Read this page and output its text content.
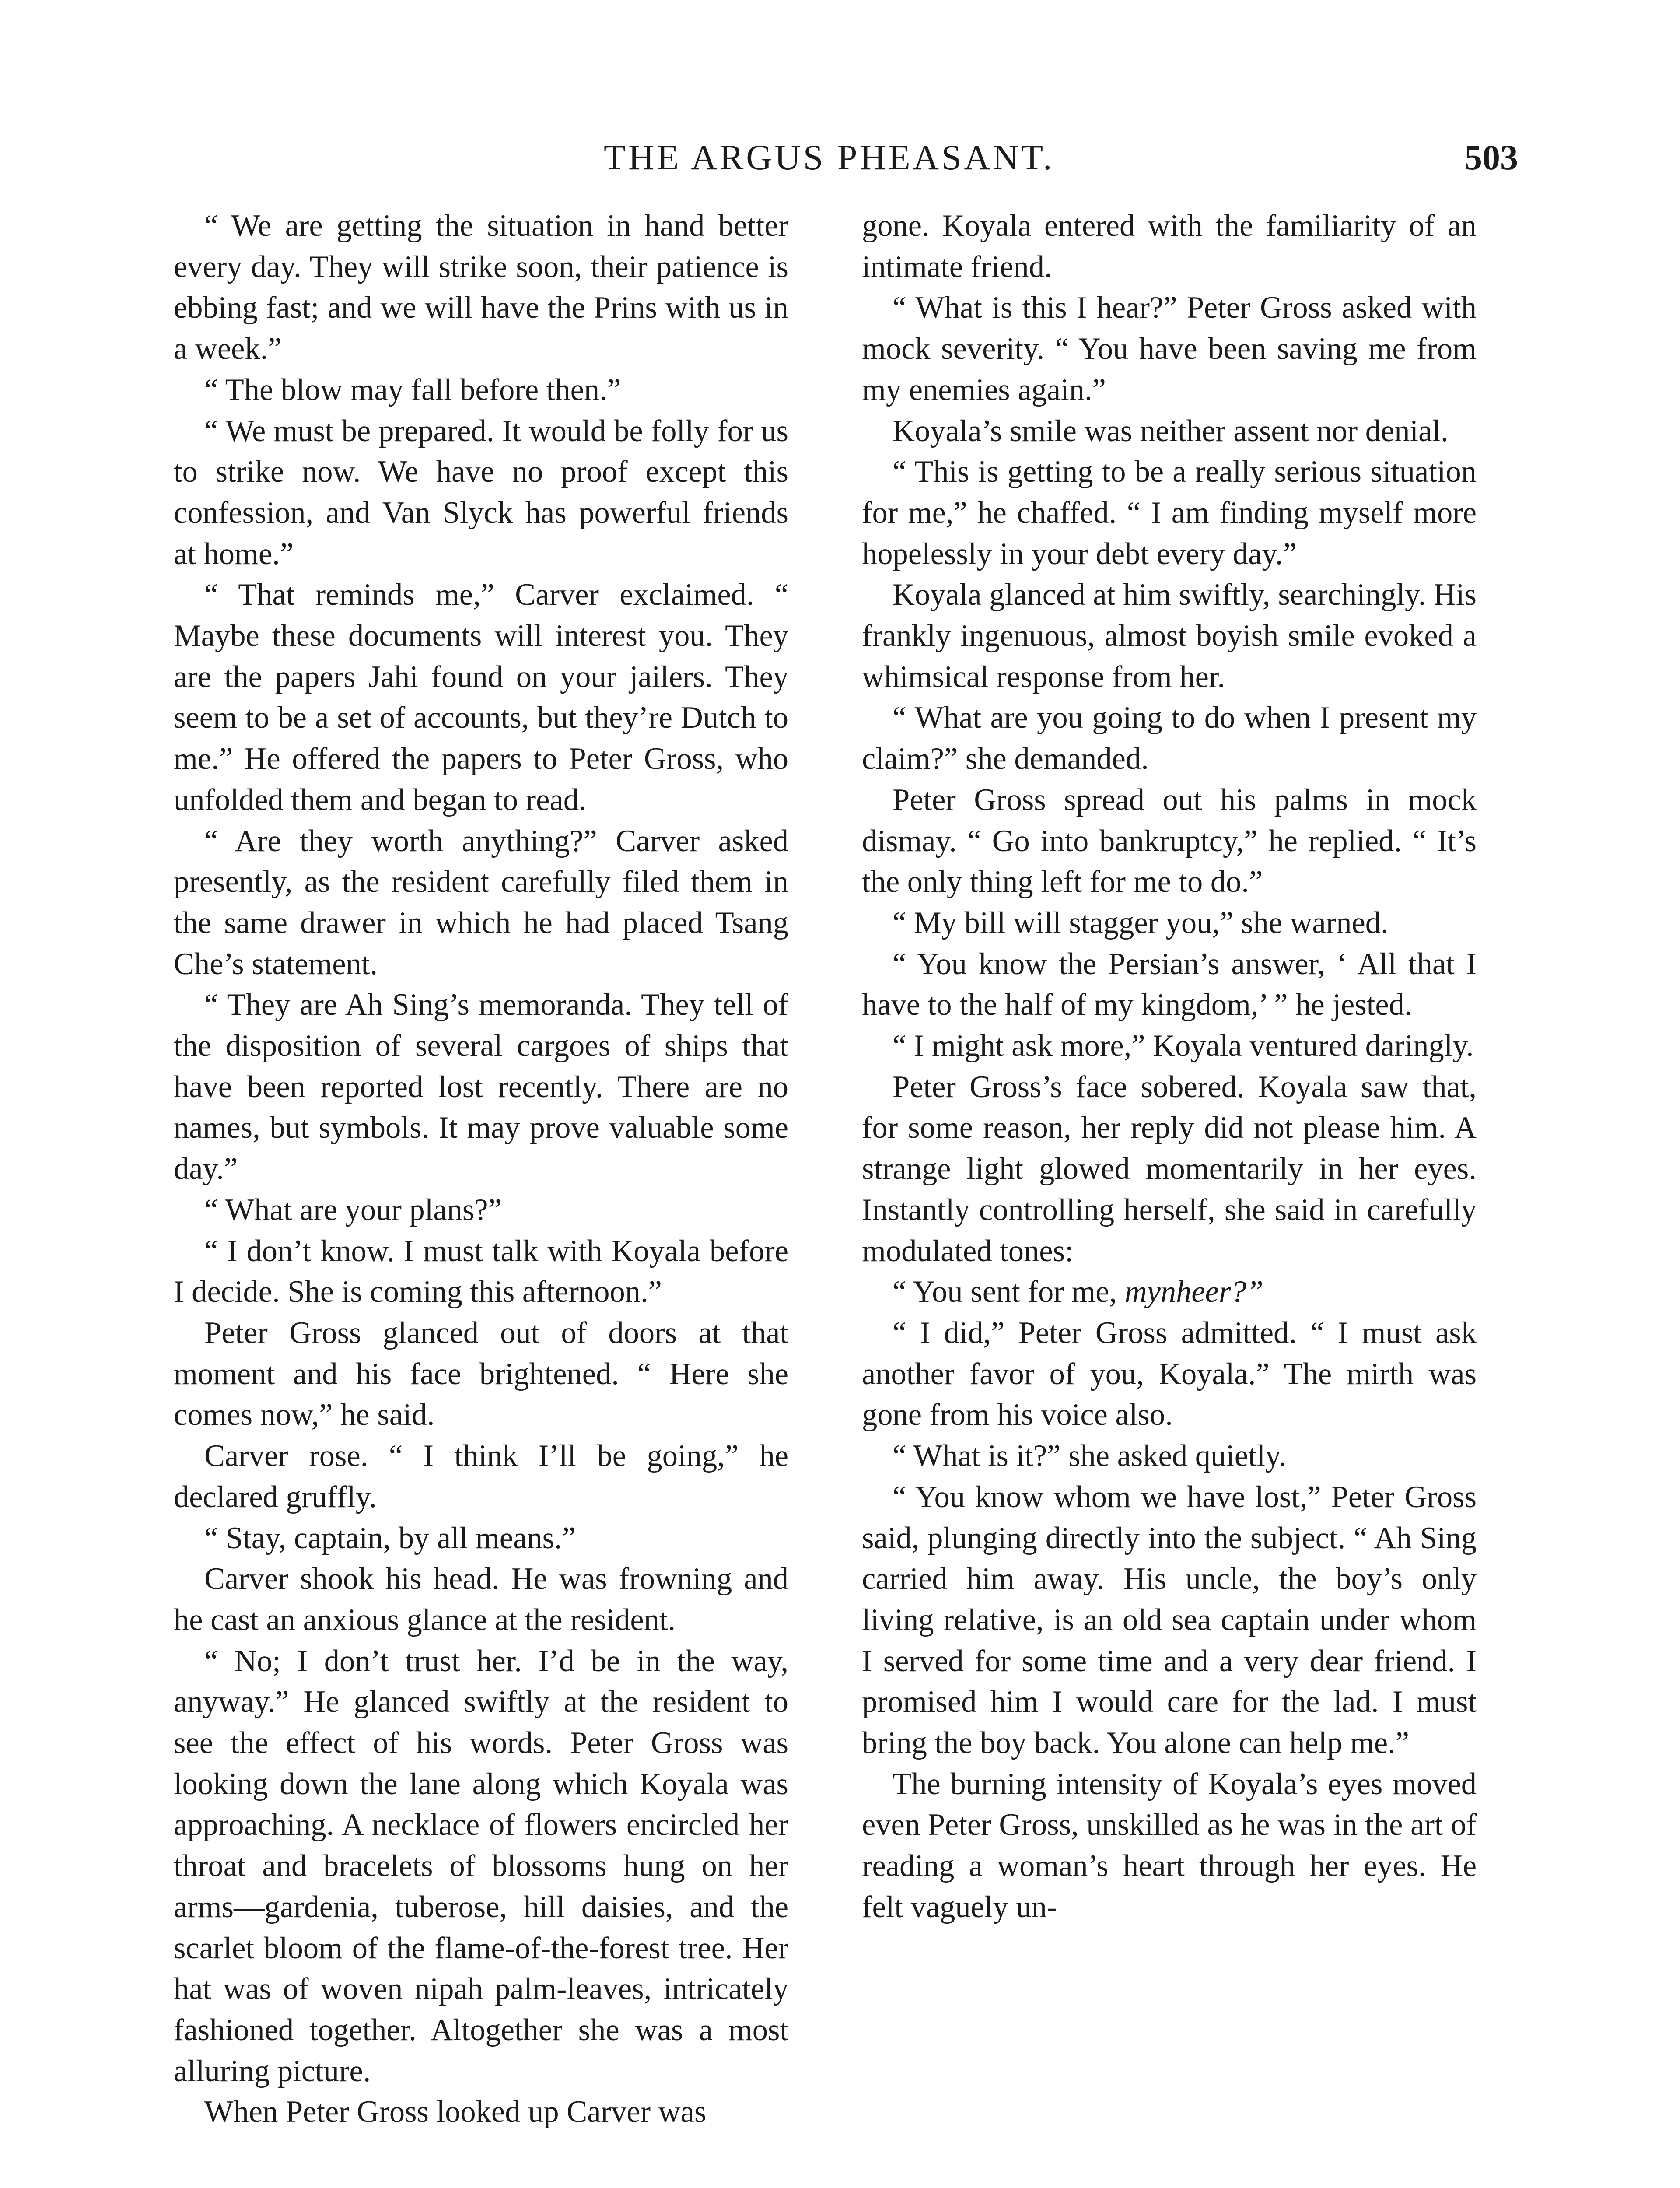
THE ARGUS PHEASANT.	503

“ We are getting the situation in hand better every day. They will strike soon, their patience is ebbing fast; and we will have the Prins with us in a week.”

“ The blow may fall before then.”

“ We must be prepared. It would be folly for us to strike now. We have no proof except this confession, and Van Slyck has powerful friends at home.”

“ That reminds me,” Carver exclaimed. “ Maybe these documents will interest you. They are the papers Jahi found on your jailers. They seem to be a set of accounts, but they’re Dutch to me.” He offered the papers to Peter Gross, who unfolded them and began to read.

“ Are they worth anything?” Carver asked presently, as the resident carefully filed them in the same drawer in which he had placed Tsang Che’s statement.

“ They are Ah Sing’s memoranda. They tell of the disposition of several cargoes of ships that have been reported lost recently. There are no names, but symbols. It may prove valuable some day.”

“ What are your plans?”

“ I don’t know. I must talk with Koyala before I decide. She is coming this afternoon.”

Peter Gross glanced out of doors at that moment and his face brightened. “ Here she comes now,” he said.

Carver rose. “ I think I’ll be going,” he declared gruffly.

“ Stay, captain, by all means.”

Carver shook his head. He was frowning and he cast an anxious glance at the resident.

“ No; I don’t trust her. I’d be in the way, anyway.” He glanced swiftly at the resident to see the effect of his words. Peter Gross was looking down the lane along which Koyala was approaching. A necklace of flowers encircled her throat and bracelets of blossoms hung on her arms—gardenia, tuberose, hill daisies, and the scarlet bloom of the flame-of-the-forest tree. Her hat was of woven nipah palm-leaves, intricately fashioned together. Altogether she was a most alluring picture.

When Peter Gross looked up Carver was

gone. Koyala entered with the familiarity of an intimate friend.

“ What is this I hear?” Peter Gross asked with mock severity. “ You have been saving me from my enemies again.”

Koyala’s smile was neither assent nor denial.

“ This is getting to be a really serious situation for me,” he chaffed. “ I am finding myself more hopelessly in your debt every day.”

Koyala glanced at him swiftly, searchingly. His frankly ingenuous, almost boyish smile evoked a whimsical response from her.

“ What are you going to do when I present my claim?” she demanded.

Peter Gross spread out his palms in mock dismay. “ Go into bankruptcy,” he replied. “ It’s the only thing left for me to do.”

“ My bill will stagger you,” she warned.

“ You know the Persian’s answer, ‘ All that I have to the half of my kingdom,’ ” he jested.

“ I might ask more,” Koyala ventured daringly.

Peter Gross’s face sobered. Koyala saw that, for some reason, her reply did not please him. A strange light glowed momentarily in her eyes. Instantly controlling herself, she said in carefully modulated tones:

“ You sent for me, mynheer?”

“ I did,” Peter Gross admitted. “ I must ask another favor of you, Koyala.” The mirth was gone from his voice also.

“ What is it?” she asked quietly.

“ You know whom we have lost,” Peter Gross said, plunging directly into the subject. “ Ah Sing carried him away. His uncle, the boy’s only living relative, is an old sea captain under whom I served for some time and a very dear friend. I promised him I would care for the lad. I must bring the boy back. You alone can help me.”

The burning intensity of Koyala’s eyes moved even Peter Gross, unskilled as he was in the art of reading a woman’s heart through her eyes. He felt vaguely un-
